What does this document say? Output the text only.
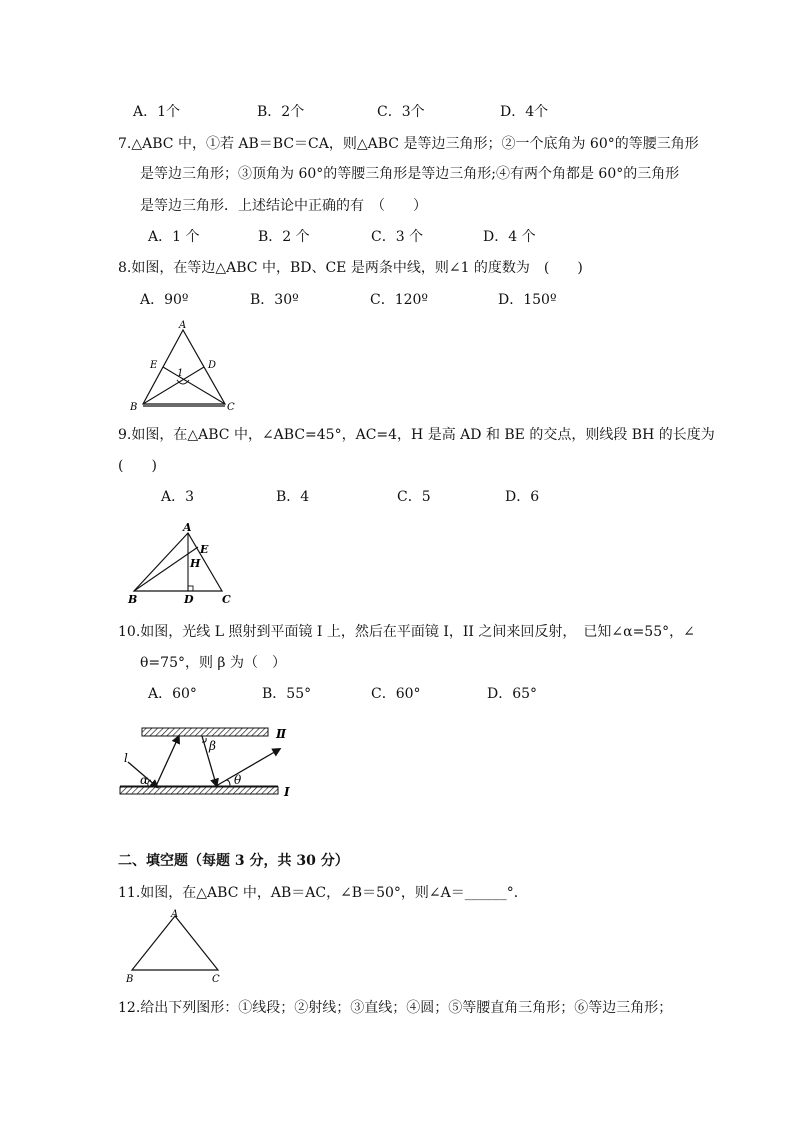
A．1个	B．2个	C．3个	D．4个
7.△ABC 中，①若 AB＝BC＝CA，则△ABC 是等边三角形；②一个底角为 60°的等腰三角形
是等边三角形；③顶角为 60°的等腰三角形是等边三角形;④有两个角都是 60°的三角形
是等边三角形．上述结论中正确的有　（　　）
A．1 个	B．2 个	C．3 个	D．4 个
8.如图，在等边△ABC 中，BD、CE 是两条中线，则∠1 的度数为　(　　)
A．90º	B．30º	C．120º	D．150º
A
B	C
D
E
1
9.如图，在△ABC 中，∠ABC=45°，AC=4，H 是高 AD 和 BE 的交点，则线段 BH 的长度为
(　　)
A．3	B．4	C．5	D．6
A
B	C
D
E
H
10.如图，光线 L 照射到平面镜 I 上，然后在平面镜 I，II 之间来回反射，　已知∠α=55°，∠
θ=75°，则 β 为（　）
A．60°	B．55°	C．60°	D．65°
l
α
β
θ
Ⅱ
I
二、填空题（每题 3 分，共 30 分）
11.如图，在△ABC 中，AB＝AC，∠B＝50°，则∠A＝______°．
A
B	C
12.给出下列图形：①线段；②射线；③直线；④圆；⑤等腰直角三角形；⑥等边三角形；
